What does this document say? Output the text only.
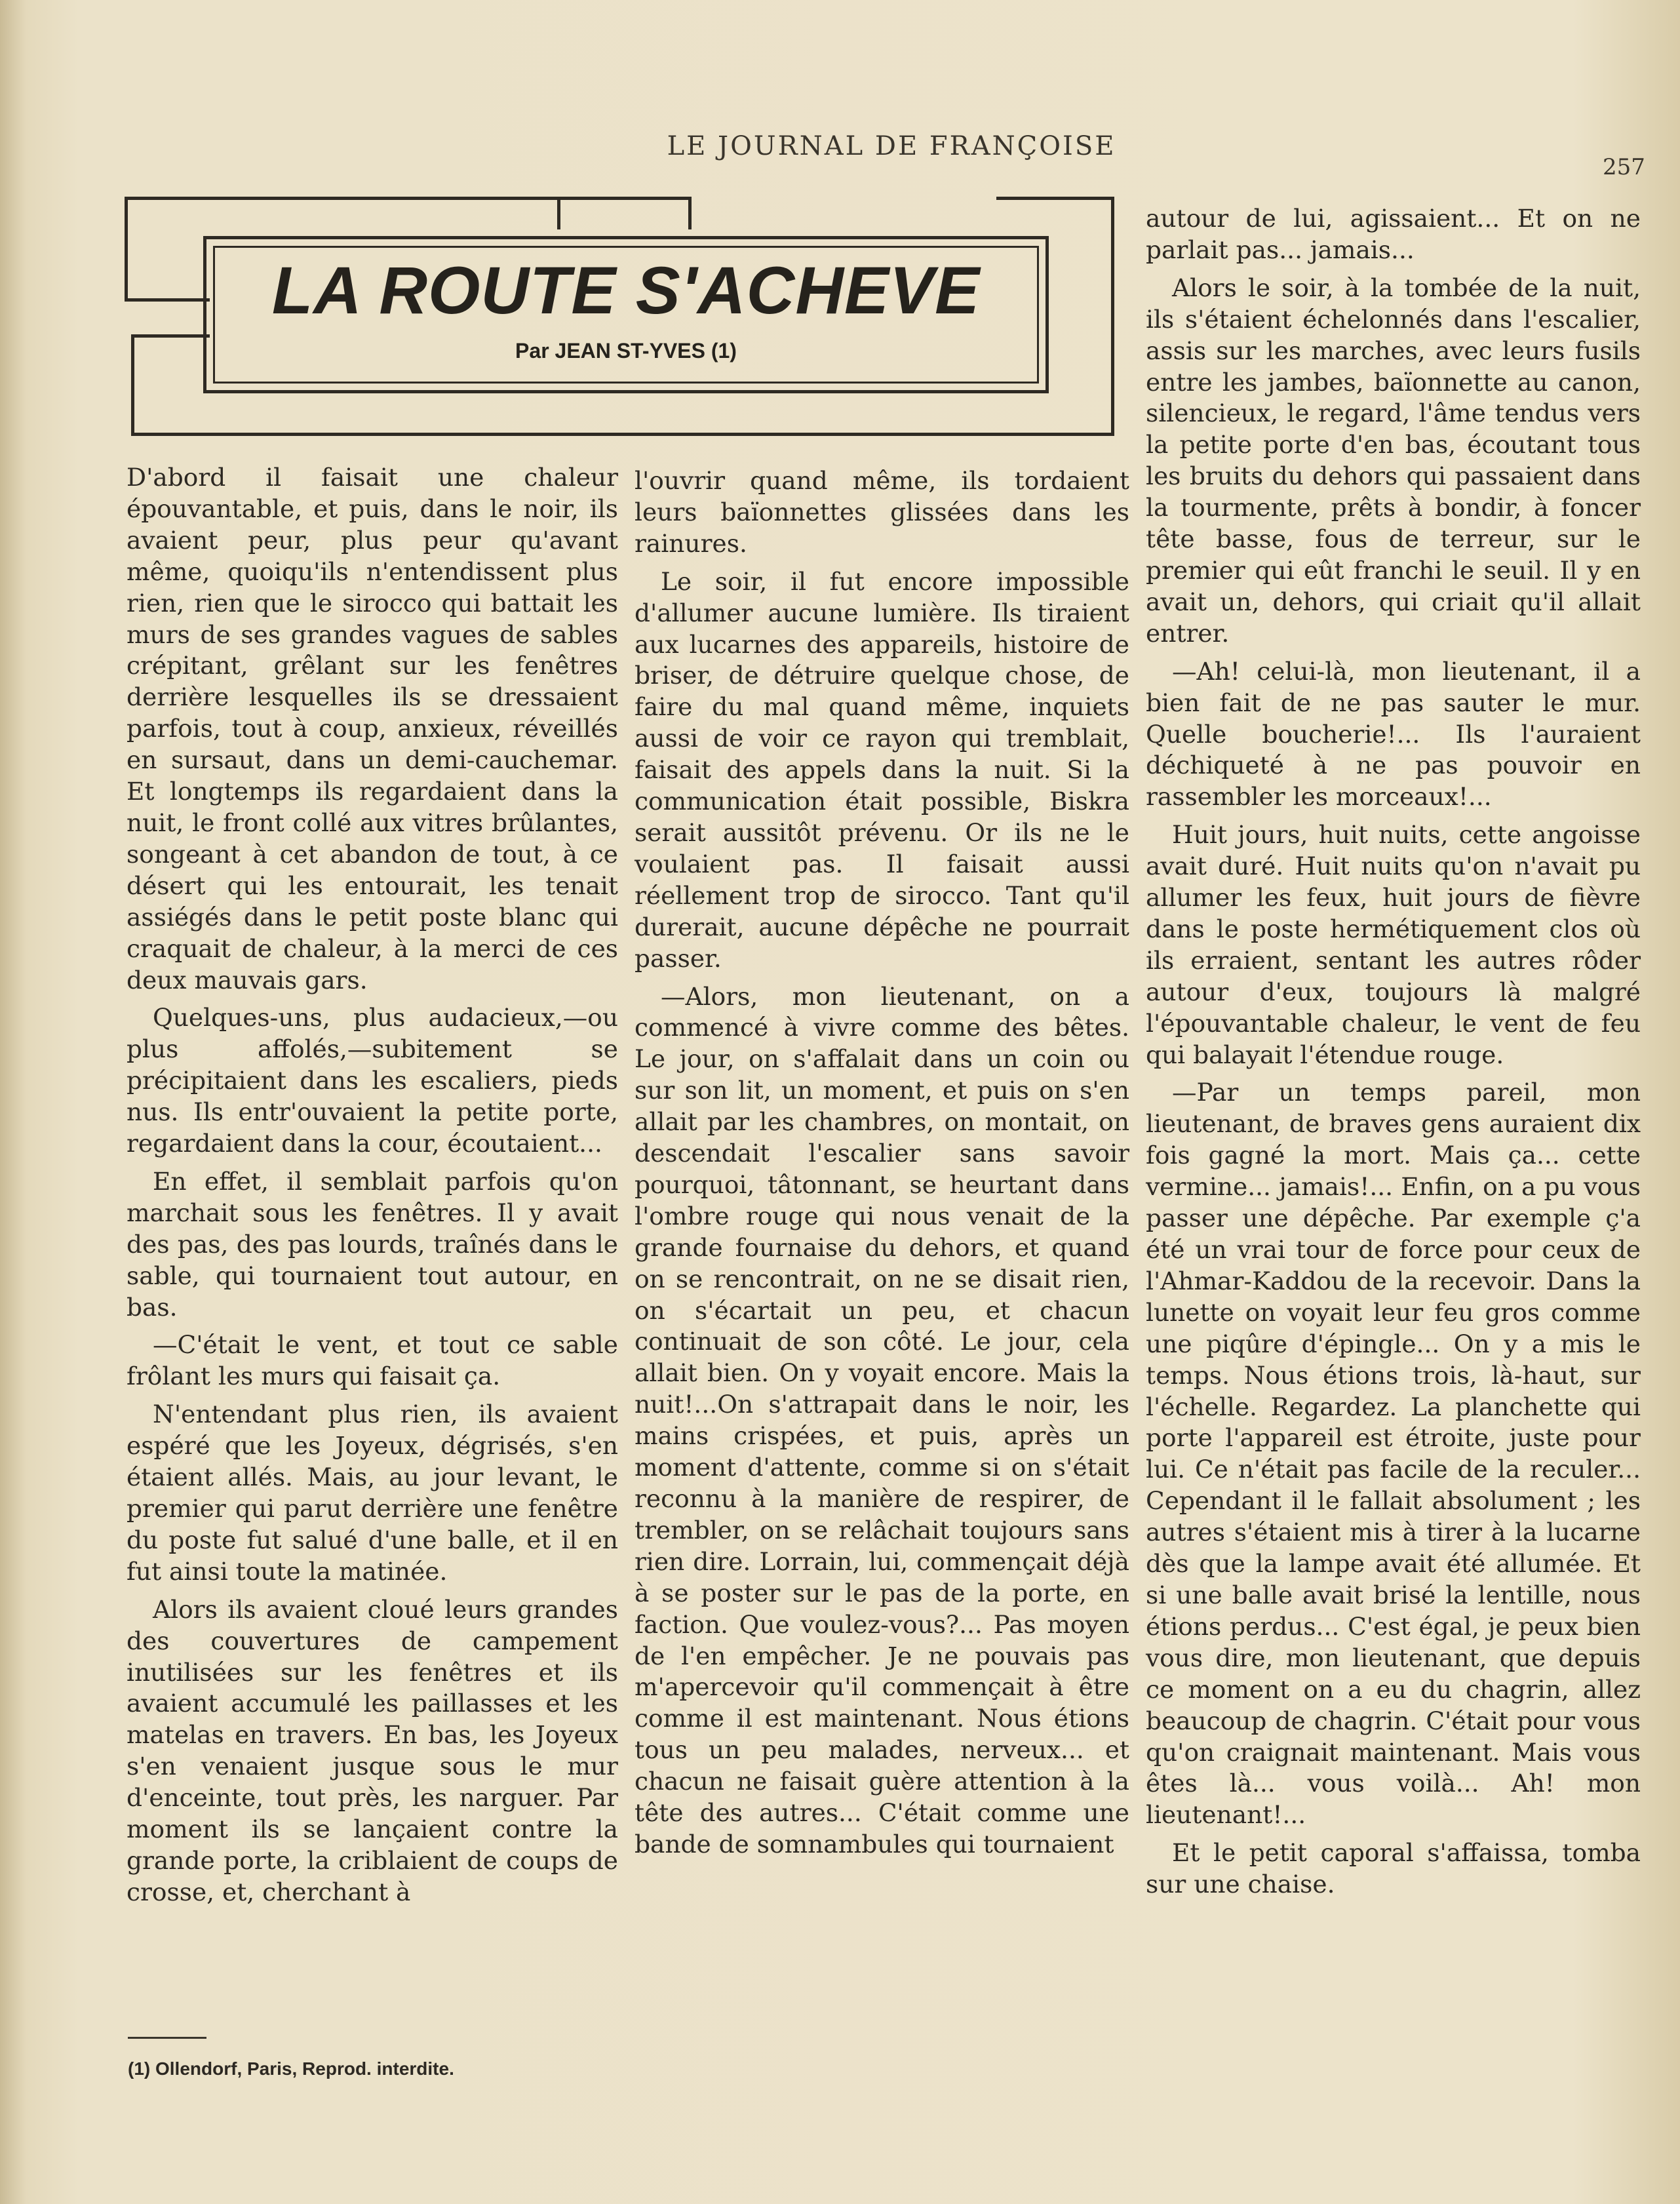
LE JOURNAL DE FRANÇOISE
257
LA ROUTE S'ACHEVE
Par JEAN ST-YVES (1)

D'abord il faisait une chaleur épouvantable, et puis, dans le noir, ils avaient peur, plus peur qu'avant même, quoiqu'ils n'entendissent plus rien, rien que le sirocco qui battait les murs de ses grandes vagues de sables crépitant, grêlant sur les fenêtres derrière lesquelles ils se dressaient parfois, tout à coup, anxieux, réveillés en sursaut, dans un demi-cauchemar. Et longtemps ils regardaient dans la nuit, le front collé aux vitres brûlantes, songeant à cet abandon de tout, à ce désert qui les entourait, les tenait assiégés dans le petit poste blanc qui craquait de chaleur, à la merci de ces deux mauvais gars.

Quelques-uns, plus audacieux,—ou plus affolés,—subitement se précipitaient dans les escaliers, pieds nus. Ils entr'ouvaient la petite porte, regardaient dans la cour, écoutaient...

En effet, il semblait parfois qu'on marchait sous les fenêtres. Il y avait des pas, des pas lourds, traînés dans le sable, qui tournaient tout autour, en bas.

—C'était le vent, et tout ce sable frôlant les murs qui faisait ça.

N'entendant plus rien, ils avaient espéré que les Joyeux, dégrisés, s'en étaient allés. Mais, au jour levant, le premier qui parut derrière une fenêtre du poste fut salué d'une balle, et il en fut ainsi toute la matinée.

Alors ils avaient cloué leurs grandes des couvertures de campement inutilisées sur les fenêtres et ils avaient accumulé les paillasses et les matelas en travers. En bas, les Joyeux s'en venaient jusque sous le mur d'enceinte, tout près, les narguer. Par moment ils se lançaient contre la grande porte, la criblaient de coups de crosse, et, cherchant à

l'ouvrir quand même, ils tordaient leurs baïonnettes glissées dans les rainures.

Le soir, il fut encore impossible d'allumer aucune lumière. Ils tiraient aux lucarnes des appareils, histoire de briser, de détruire quelque chose, de faire du mal quand même, inquiets aussi de voir ce rayon qui tremblait, faisait des appels dans la nuit. Si la communication était possible, Biskra serait aussitôt prévenu. Or ils ne le voulaient pas. Il faisait aussi réellement trop de sirocco. Tant qu'il durerait, aucune dépêche ne pourrait passer.

—Alors, mon lieutenant, on a commencé à vivre comme des bêtes. Le jour, on s'affalait dans un coin ou sur son lit, un moment, et puis on s'en allait par les chambres, on montait, on descendait l'escalier sans savoir pourquoi, tâtonnant, se heurtant dans l'ombre rouge qui nous venait de la grande fournaise du dehors, et quand on se rencontrait, on ne se disait rien, on s'écartait un peu, et chacun continuait de son côté. Le jour, cela allait bien. On y voyait encore. Mais la nuit!...On s'attrapait dans le noir, les mains crispées, et puis, après un moment d'attente, comme si on s'était reconnu à la manière de respirer, de trembler, on se relâchait toujours sans rien dire. Lorrain, lui, commençait déjà à se poster sur le pas de la porte, en faction. Que voulez-vous?... Pas moyen de l'en empêcher. Je ne pouvais pas m'apercevoir qu'il commençait à être comme il est maintenant. Nous étions tous un peu malades, nerveux... et chacun ne faisait guère attention à la tête des autres... C'était comme une bande de somnambules qui tournaient

autour de lui, agissaient... Et on ne parlait pas... jamais...

Alors le soir, à la tombée de la nuit, ils s'étaient échelonnés dans l'escalier, assis sur les marches, avec leurs fusils entre les jambes, baïonnette au canon, silencieux, le regard, l'âme tendus vers la petite porte d'en bas, écoutant tous les bruits du dehors qui passaient dans la tourmente, prêts à bondir, à foncer tête basse, fous de terreur, sur le premier qui eût franchi le seuil. Il y en avait un, dehors, qui criait qu'il allait entrer.

—Ah! celui-là, mon lieutenant, il a bien fait de ne pas sauter le mur. Quelle boucherie!... Ils l'auraient déchiqueté à ne pas pouvoir en rassembler les morceaux!...

Huit jours, huit nuits, cette angoisse avait duré. Huit nuits qu'on n'avait pu allumer les feux, huit jours de fièvre dans le poste hermétiquement clos où ils erraient, sentant les autres rôder autour d'eux, toujours là malgré l'épouvantable chaleur, le vent de feu qui balayait l'étendue rouge.

—Par un temps pareil, mon lieutenant, de braves gens auraient dix fois gagné la mort. Mais ça... cette vermine... jamais!... Enfin, on a pu vous passer une dépêche. Par exemple ç'a été un vrai tour de force pour ceux de l'Ahmar-Kaddou de la recevoir. Dans la lunette on voyait leur feu gros comme une piqûre d'épingle... On y a mis le temps. Nous étions trois, là-haut, sur l'échelle. Regardez. La planchette qui porte l'appareil est étroite, juste pour lui. Ce n'était pas facile de la reculer... Cependant il le fallait absolument ; les autres s'étaient mis à tirer à la lucarne dès que la lampe avait été allumée. Et si une balle avait brisé la lentille, nous étions perdus... C'est égal, je peux bien vous dire, mon lieutenant, que depuis ce moment on a eu du chagrin, allez beaucoup de chagrin. C'était pour vous qu'on craignait maintenant. Mais vous êtes là... vous voilà... Ah! mon lieutenant!...

Et le petit caporal s'affaissa, tomba sur une chaise.

(1) Ollendorf, Paris, Reprod. interdite.
